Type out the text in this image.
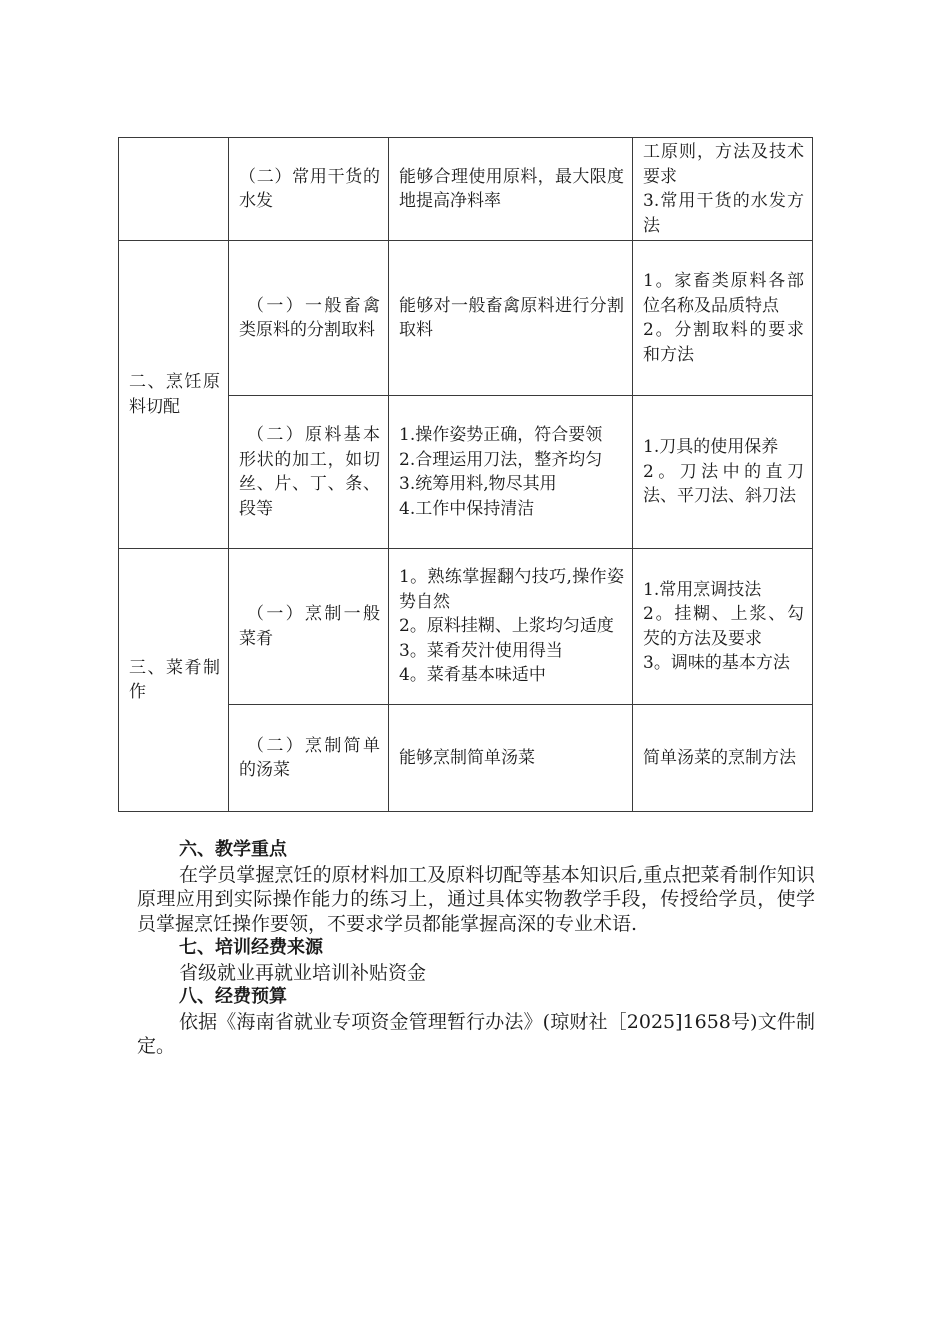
	（二）常用干货的水发	能够合理使用原料，最大限度地提高净料率	工原则，方法及技术要求
3.常用干货的水发方法

二、烹饪原料切配	（一）一般畜禽类原料的分割取料	能够对一般畜禽原料进行分割取料	1。家畜类原料各部位名称及品质特点
2。分割取料的要求和方法

	（二）原料基本形状的加工，如切丝、片、丁、条、段等	1.操作姿势正确，符合要领
2.合理运用刀法，整齐均匀
3.统筹用料,物尽其用
4.工作中保持清洁	1.刀具的使用保养
2。刀法中的直刀法、平刀法、斜刀法

三、菜肴制作	（一）烹制一般菜肴	1。熟练掌握翻勺技巧,操作姿势自然
2。原料挂糊、上浆均匀适度
3。菜肴芡汁使用得当
4。菜肴基本味适中	1.常用烹调技法
2。挂糊、上浆、勾芡的方法及要求
3。调味的基本方法

	（二）烹制简单的汤菜	能够烹制简单汤菜	简单汤菜的烹制方法
六、教学重点
在学员掌握烹饪的原材料加工及原料切配等基本知识后,重点把菜肴制作知识原理应用到实际操作能力的练习上，通过具体实物教学手段，传授给学员，使学员掌握烹饪操作要领，不要求学员都能掌握高深的专业术语.
七、培训经费来源
省级就业再就业培训补贴资金
八、经费预算
依据《海南省就业专项资金管理暂行办法》(琼财社［2025]1658号)文件制定。
